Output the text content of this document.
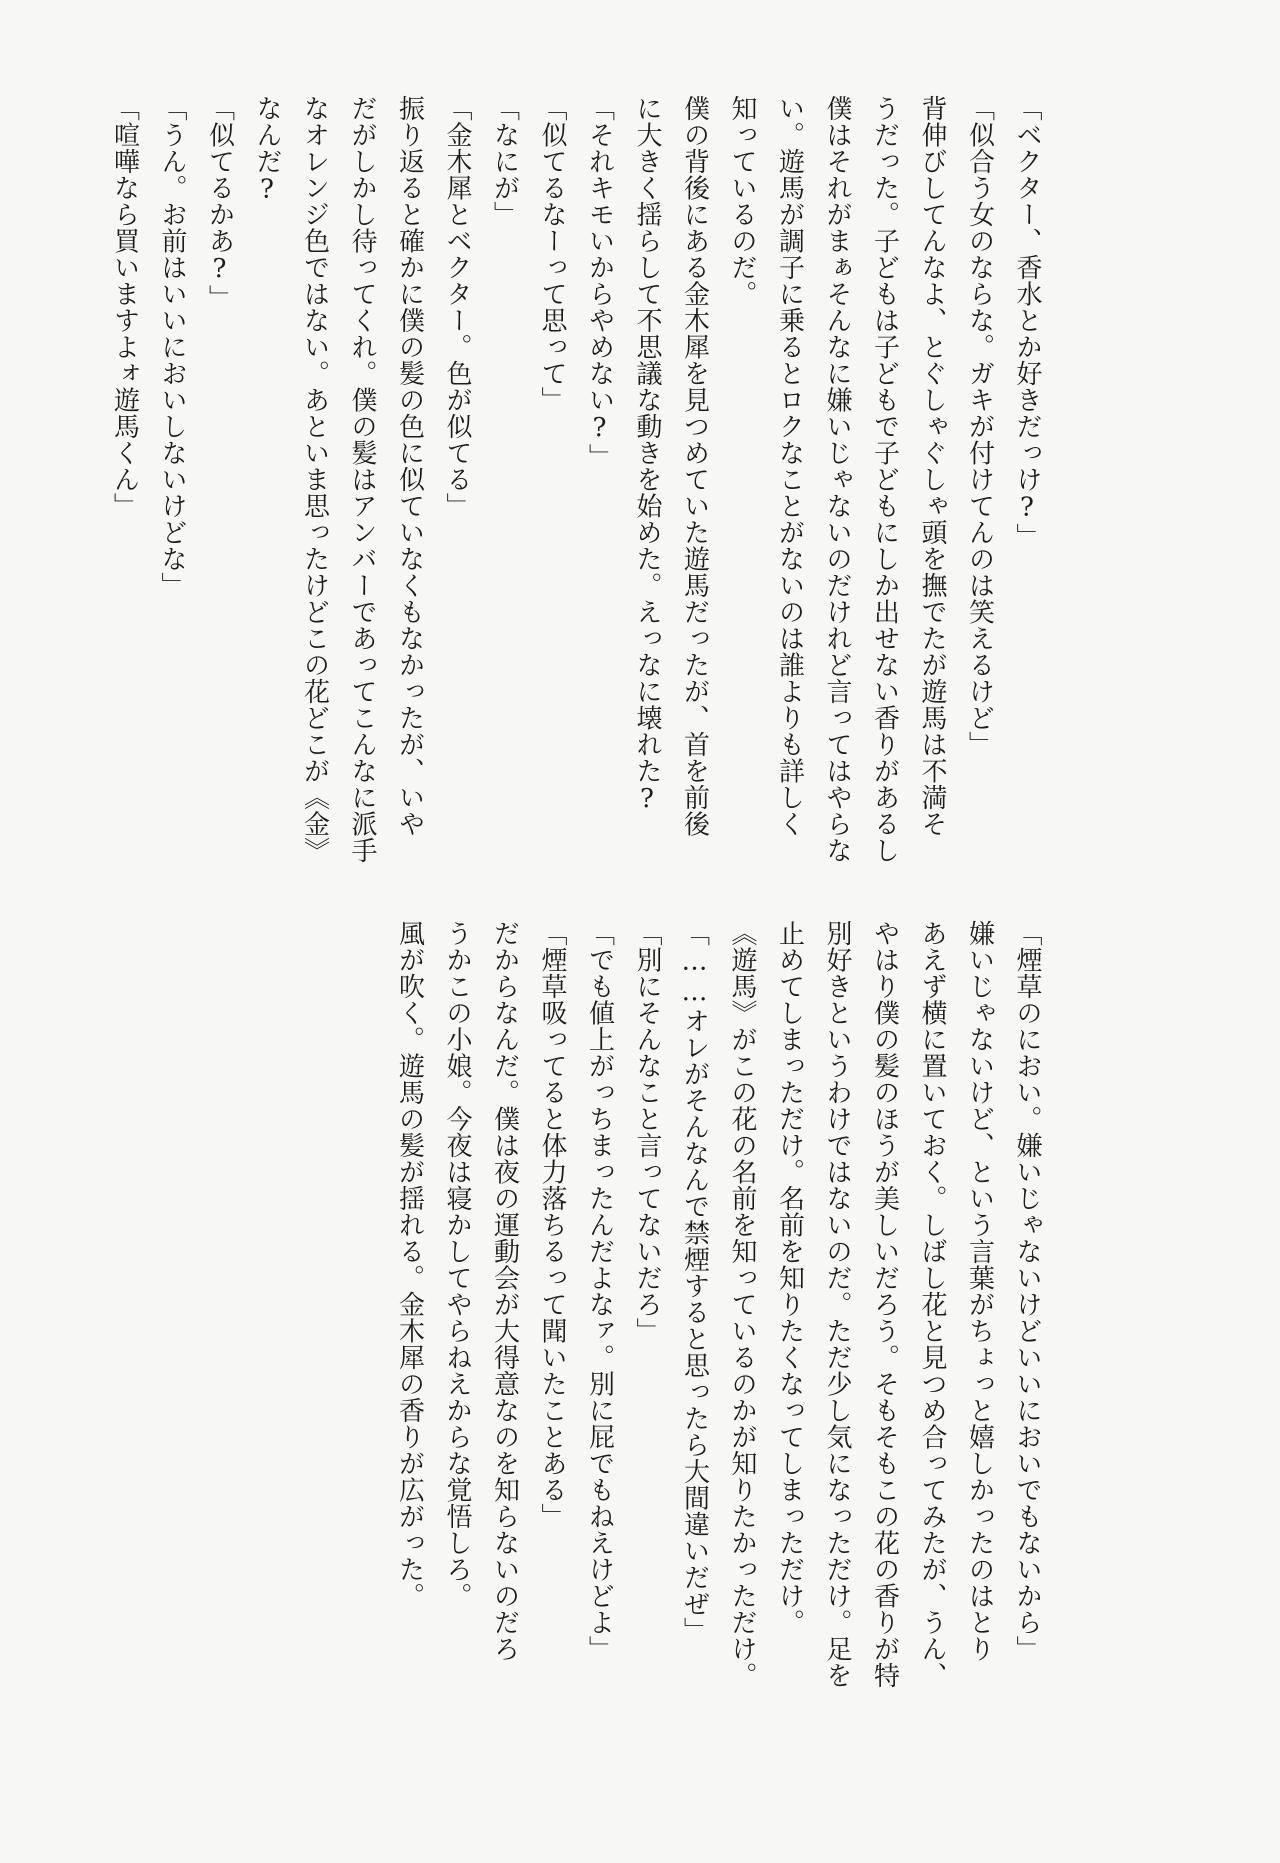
「ベクター、香水とか好きだっけ?」
「似合う女のならな。ガキが付けてんのは笑えるけど」
背伸びしてんなよ、とぐしゃぐしゃ頭を撫でたが遊馬は不満そ
うだった。子どもは子どもで子どもにしか出せない香りがあるし
僕はそれがまぁそんなに嫌いじゃないのだけれど言ってはやらな
い。遊馬が調子に乗るとロクなことがないのは誰よりも詳しく
知っているのだ。
僕の背後にある金木犀を見つめていた遊馬だったが、首を前後
に大きく揺らして不思議な動きを始めた。えっなに壊れた?
「それキモいからやめない?」
「似てるなーって思って」
「なにが」
「金木犀とベクター。色が似てる」
振り返ると確かに僕の髪の色に似ていなくもなかったが、いや
だがしかし待ってくれ。僕の髪はアンバーであってこんなに派手
なオレンジ色ではない。あといま思ったけどこの花どこが《金》
なんだ?
「似てるかあ?」
「うん。お前はいいにおいしないけどな」
「喧嘩なら買いますよォ遊馬くん」
「煙草のにおい。嫌いじゃないけどいいにおいでもないから」
嫌いじゃないけど、という言葉がちょっと嬉しかったのはとり
あえず横に置いておく。しばし花と見つめ合ってみたが、うん、
やはり僕の髪のほうが美しいだろう。そもそもこの花の香りが特
別好きというわけではないのだ。ただ少し気になっただけ。足を
止めてしまっただけ。名前を知りたくなってしまっただけ。
《遊馬》がこの花の名前を知っているのかが知りたかっただけ。
「……オレがそんなんで禁煙すると思ったら大間違いだぜ」
「別にそんなこと言ってないだろ」
「でも値上がっちまったんだよなァ。別に屁でもねえけどよ」
「煙草吸ってると体力落ちるって聞いたことある」
だからなんだ。僕は夜の運動会が大得意なのを知らないのだろ
うかこの小娘。今夜は寝かしてやらねえからな覚悟しろ。
風が吹く。遊馬の髪が揺れる。金木犀の香りが広がった。
